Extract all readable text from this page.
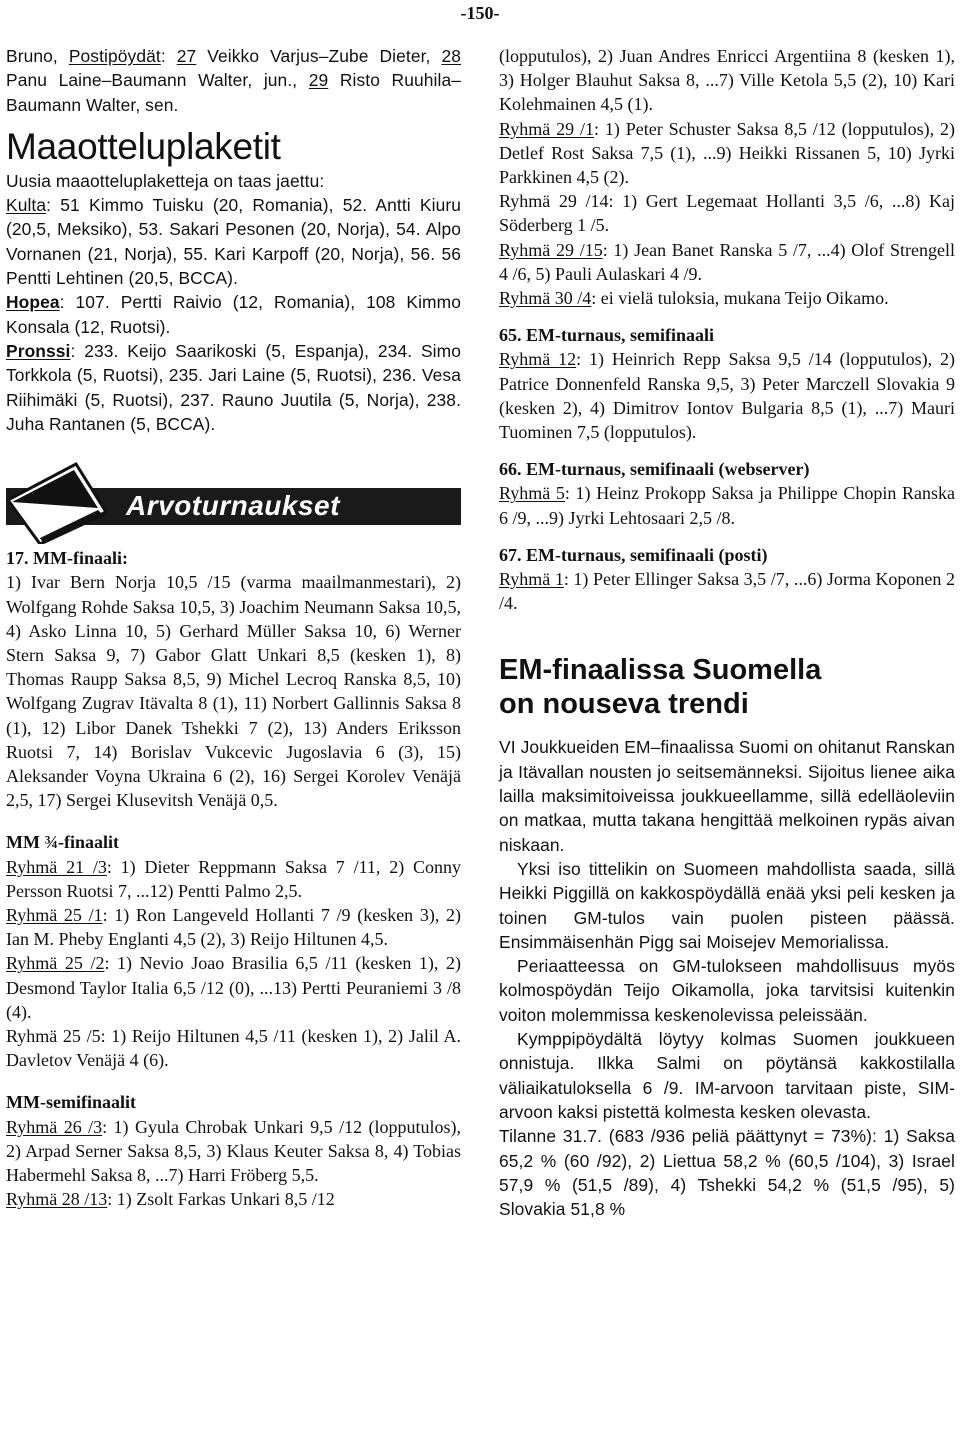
-150-

Bruno, Postipöydät: 27 Veikko Varjus–Zube Dieter, 28 Panu Laine–Baumann Walter, jun., 29 Risto Ruuhila–Baumann Walter, sen.

Maaotteluplaketit

Uusia maaotteluplaketteja on taas jaettu:

Kulta: 51 Kimmo Tuisku (20, Romania), 52. Antti Kiuru (20,5, Meksiko), 53. Sakari Pesonen (20, Norja), 54. Alpo Vornanen (21, Norja), 55. Kari Karpoff (20, Norja), 56. 56 Pentti Lehtinen (20,5, BCCA).

Hopea: 107. Pertti Raivio (12, Romania), 108 Kimmo Konsala (12, Ruotsi).

Pronssi: 233. Keijo Saarikoski (5, Espanja), 234. Simo Torkkola (5, Ruotsi), 235. Jari Laine (5, Ruotsi), 236. Vesa Riihimäki (5, Ruotsi), 237. Rauno Juutila (5, Norja), 238. Juha Rantanen (5, BCCA).

Arvoturnaukset

17. MM-finaali:

1) Ivar Bern Norja 10,5 /15 (varma maailmanmestari), 2) Wolfgang Rohde Saksa 10,5, 3) Joachim Neumann Saksa 10,5, 4) Asko Linna 10, 5) Gerhard Müller Saksa 10, 6) Werner Stern Saksa 9, 7) Gabor Glatt Unkari 8,5 (kesken 1), 8) Thomas Raupp Saksa 8,5, 9) Michel Lecroq Ranska 8,5, 10) Wolfgang Zugrav Itävalta 8 (1), 11) Norbert Gallinnis Saksa 8 (1), 12) Libor Danek Tshekki 7 (2), 13) Anders Eriksson Ruotsi 7, 14) Borislav Vukcevic Jugoslavia 6 (3), 15) Aleksander Voyna Ukraina 6 (2), 16) Sergei Korolev Venäjä 2,5, 17) Sergei Klusevitsh Venäjä 0,5.

MM ¾-finaalit

Ryhmä 21 /3: 1) Dieter Reppmann Saksa 7 /11, 2) Conny Persson Ruotsi 7, ...12) Pentti Palmo 2,5.

Ryhmä 25 /1: 1) Ron Langeveld Hollanti 7 /9 (kesken 3), 2) Ian M. Pheby Englanti 4,5 (2), 3) Reijo Hiltunen 4,5.

Ryhmä 25 /2: 1) Nevio Joao Brasilia 6,5 /11 (kesken 1), 2) Desmond Taylor Italia 6,5 /12 (0), ...13) Pertti Peuraniemi 3 /8 (4).

Ryhmä 25 /5: 1) Reijo Hiltunen 4,5 /11 (kesken 1), 2) Jalil A. Davletov Venäjä 4 (6).

MM-semifinaalit

Ryhmä 26 /3: 1) Gyula Chrobak Unkari 9,5 /12 (lopputulos), 2) Arpad Serner Saksa 8,5, 3) Klaus Keuter Saksa 8, 4) Tobias Habermehl Saksa 8, ...7) Harri Fröberg 5,5.

Ryhmä 28 /13: 1) Zsolt Farkas Unkari 8,5 /12

(lopputulos), 2) Juan Andres Enricci Argentiina 8 (kesken 1), 3) Holger Blauhut Saksa 8, ...7) Ville Ketola 5,5 (2), 10) Kari Kolehmainen 4,5 (1).

Ryhmä 29 /1: 1) Peter Schuster Saksa 8,5 /12 (lopputulos), 2) Detlef Rost Saksa 7,5 (1), ...9) Heikki Rissanen 5, 10) Jyrki Parkkinen 4,5 (2).

Ryhmä 29 /14: 1) Gert Legemaat Hollanti 3,5 /6, ...8) Kaj Söderberg 1 /5.

Ryhmä 29 /15: 1) Jean Banet Ranska 5 /7, ...4) Olof Strengell 4 /6, 5) Pauli Aulaskari 4 /9.

Ryhmä 30 /4: ei vielä tuloksia, mukana Teijo Oikamo.

65. EM-turnaus, semifinaali

Ryhmä 12: 1) Heinrich Repp Saksa 9,5 /14 (lopputulos), 2) Patrice Donnenfeld Ranska 9,5, 3) Peter Marczell Slovakia 9 (kesken 2), 4) Dimitrov Iontov Bulgaria 8,5 (1), ...7) Mauri Tuominen 7,5 (lopputulos).

66. EM-turnaus, semifinaali (webserver)

Ryhmä 5: 1) Heinz Prokopp Saksa ja Philippe Chopin Ranska 6 /9, ...9) Jyrki Lehtosaari 2,5 /8.

67. EM-turnaus, semifinaali (posti)

Ryhmä 1: 1) Peter Ellinger Saksa 3,5 /7, ...6) Jorma Koponen 2 /4.

EM-finaalissa Suomella

on nouseva trendi

VI Joukkueiden EM–finaalissa Suomi on ohitanut Ranskan ja Itävallan nousten jo seitsemänneksi. Sijoitus lienee aika lailla maksimitoiveissa joukkueellamme, sillä edelläoleviin on matkaa, mutta takana hengittää melkoinen rypäs aivan niskaan.

Yksi iso tittelikin on Suomeen mahdollista saada, sillä Heikki Piggillä on kakkospöydällä enää yksi peli kesken ja toinen GM-tulos vain puolen pisteen päässä. Ensimmäisenhän Pigg sai Moisejev Memorialissa.

Periaatteessa on GM-tulokseen mahdollisuus myös kolmospöydän Teijo Oikamolla, joka tarvitsisi kuitenkin voiton molemmissa keskenolevissa peleissään.

Kymppipöydältä löytyy kolmas Suomen joukkueen onnistuja. Ilkka Salmi on pöytänsä kakkostilalla väliaikatuloksella 6 /9. IM-arvoon tarvitaan piste, SIM-arvoon kaksi pistettä kolmesta kesken olevasta.

Tilanne 31.7. (683 /936 peliä päättynyt = 73%): 1) Saksa 65,2 % (60 /92), 2) Liettua 58,2 % (60,5 /104), 3) Israel 57,9 % (51,5 /89), 4) Tshekki 54,2 % (51,5 /95), 5) Slovakia 51,8 %
